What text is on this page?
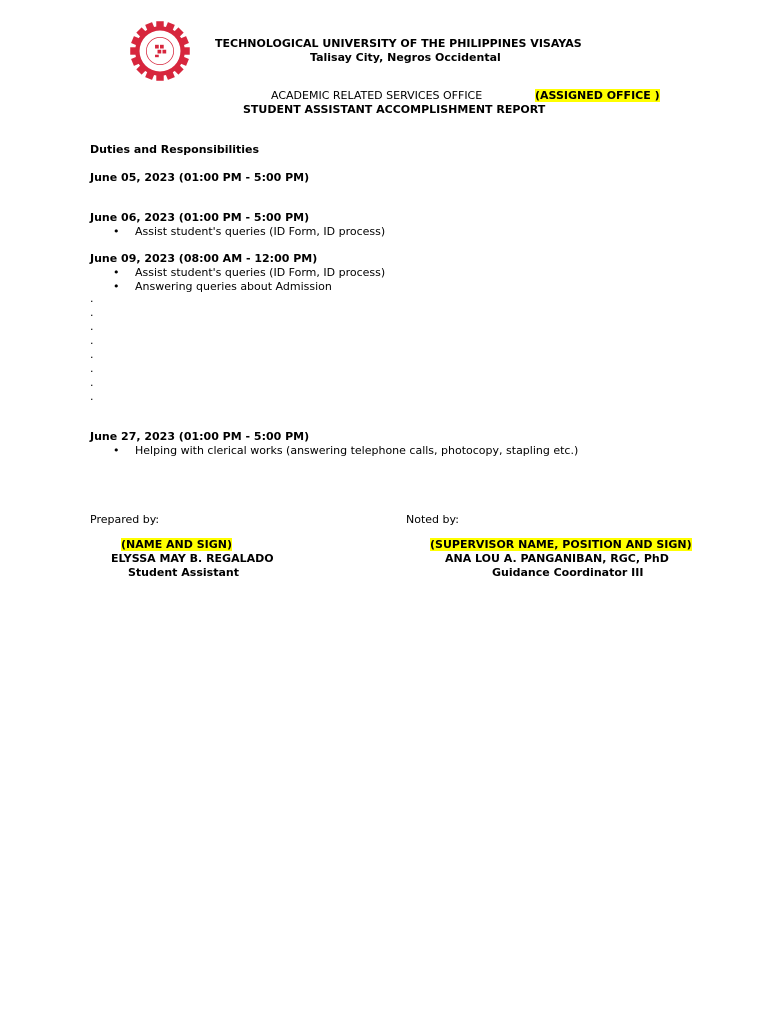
TECHNOLOGICAL UNIVERSITY OF THE PHILIPPINES VISAYAS
Talisay City, Negros Occidental
ACADEMIC RELATED SERVICES OFFICE	(ASSIGNED OFFICE )
STUDENT ASSISTANT ACCOMPLISHMENT REPORT
Duties and Responsibilities
June 05, 2023 (01:00 PM - 5:00 PM)
June 06, 2023 (01:00 PM - 5:00 PM)
• Assist student's queries (ID Form, ID process)
June 09, 2023 (08:00 AM - 12:00 PM)
• Assist student's queries (ID Form, ID process)
• Answering queries about Admission
.
.
.
.
.
.
.
.
June 27, 2023 (01:00 PM - 5:00 PM)
• Helping with clerical works (answering telephone calls, photocopy, stapling etc.)
Prepared by:	Noted by:
(NAME AND SIGN)
ELYSSA MAY B. REGALADO
Student Assistant
(SUPERVISOR NAME, POSITION AND SIGN)
ANA LOU A. PANGANIBAN, RGC, PhD
Guidance Coordinator III
